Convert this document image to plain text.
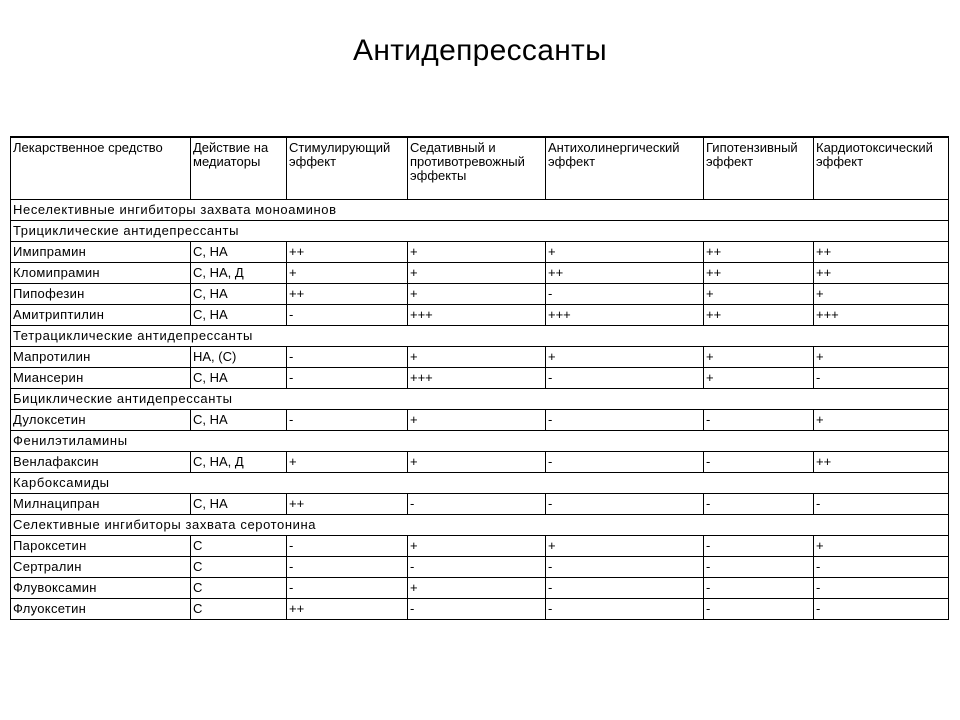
Антидепрессанты
Лекарственное средство	Действие на медиаторы	Стимулирующий эффект	Седативный и противотревожный эффекты	Антихолинергический эффект	Гипотензивный эффект	Кардиотоксический эффект
Неселективные ингибиторы захвата моноаминов						
Трициклические антидепрессанты						
Имипрамин	С, НА	++	+	+	++	++
Кломипрамин	С, НА, Д	+	+	++	++	++
Пипофезин	С, НА	++	+	-	+	+
Амитриптилин	С, НА	-	+++	+++	++	+++
Тетрациклические антидепрессанты						
Мапротилин	НА, (С)	-	+	+	+	+
Миансерин	С, НА	-	+++	-	+	-
Бициклические антидепрессанты						
Дулоксетин	С, НА	-	+	-	-	+
Фенилэтиламины						
Венлафаксин	С, НА, Д	+	+	-	-	++
Карбоксамиды						
Милнаципран	С, НА	++	-	-	-	-
Селективные ингибиторы захвата серотонина						
Пароксетин	С	-	+	+	-	+
Сертралин	С	-	-	-	-	-
Флувоксамин	С	-	+	-	-	-
Флуоксетин	С	++	-	-	-	-
